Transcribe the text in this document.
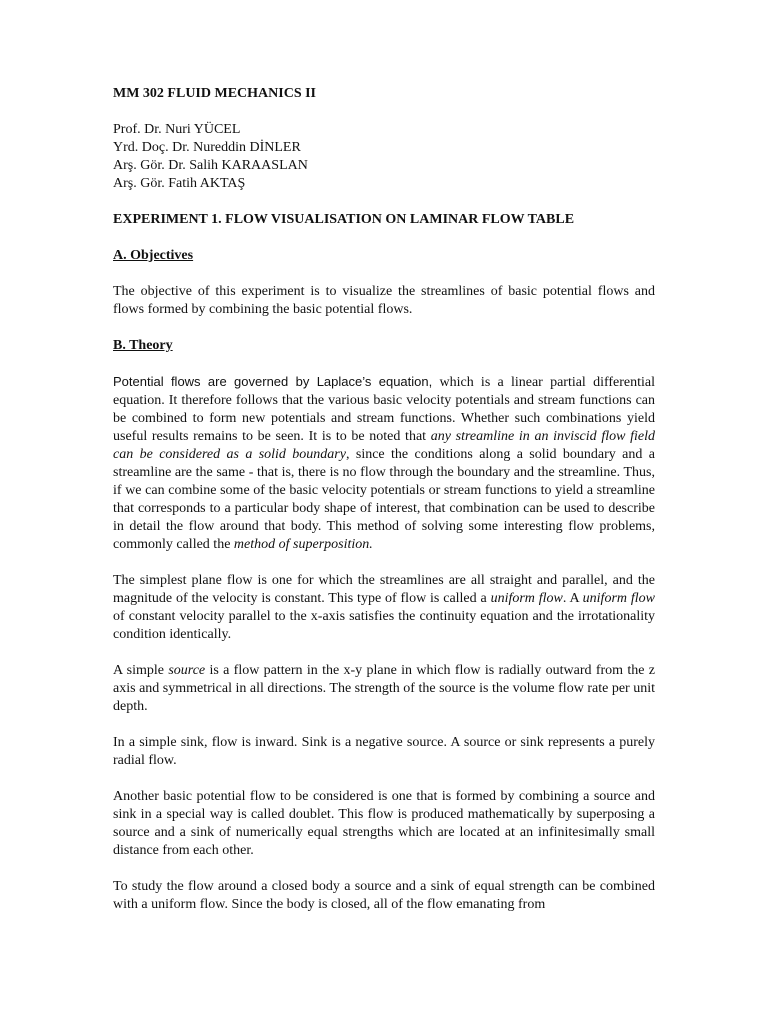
MM 302 FLUID MECHANICS II
Prof. Dr. Nuri YÜCEL
Yrd. Doç. Dr. Nureddin DİNLER
Arş. Gör. Dr. Salih KARAASLAN
Arş. Gör. Fatih AKTAŞ
EXPERIMENT 1. FLOW VISUALISATION ON LAMINAR FLOW TABLE
A. Objectives

The objective of this experiment is to visualize the streamlines of basic potential flows and flows formed by combining the basic potential flows.

B. Theory

Potential flows are governed by Laplace’s equation, which is a linear partial differential equation. It therefore follows that the various basic velocity potentials and stream functions can be combined to form new potentials and stream functions. Whether such combinations yield useful results remains to be seen. It is to be noted that any streamline in an inviscid flow field can be considered as a solid boundary, since the conditions along a solid boundary and a streamline are the same - that is, there is no flow through the boundary and the streamline. Thus, if we can combine some of the basic velocity potentials or stream functions to yield a streamline that corresponds to a particular body shape of interest, that combination can be used to describe in detail the flow around that body. This method of solving some interesting flow problems, commonly called the method of superposition.

The simplest plane flow is one for which the streamlines are all straight and parallel, and the magnitude of the velocity is constant. This type of flow is called a uniform flow. A uniform flow of constant velocity parallel to the x-axis satisfies the continuity equation and the irrotationality condition identically.

A simple source is a flow pattern in the x-y plane in which flow is radially outward from the z axis and symmetrical in all directions. The strength of the source is the volume flow rate per unit depth.

In a simple sink, flow is inward. Sink is a negative source. A source or sink represents a purely radial flow.

Another basic potential flow to be considered is one that is formed by combining a source and sink in a special way is called doublet. This flow is produced mathematically by superposing a source and a sink of numerically equal strengths which are located at an infinitesimally small distance from each other.

To study the flow around a closed body a source and a sink of equal strength can be combined with a uniform flow. Since the body is closed, all of the flow emanating from
